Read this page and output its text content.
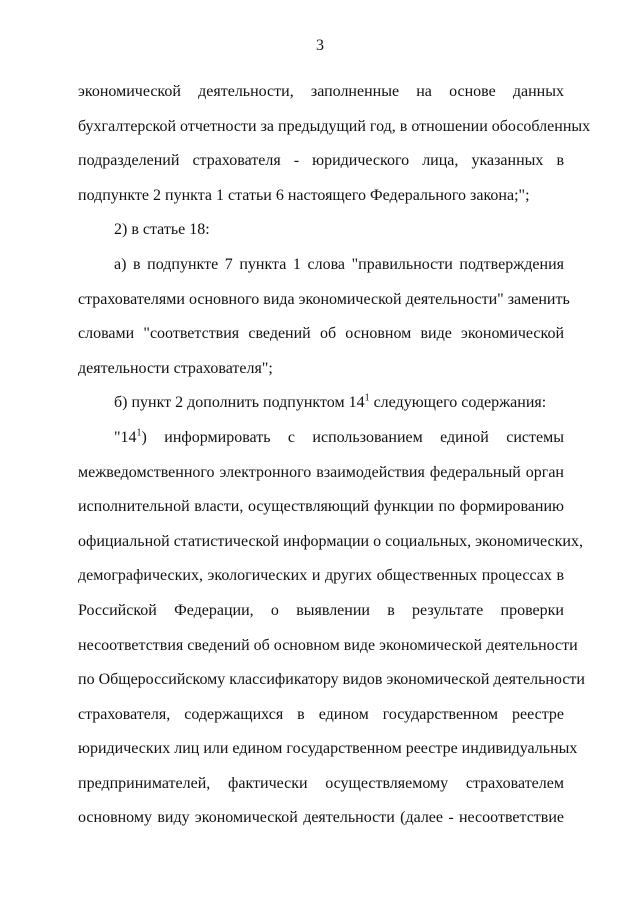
3
экономической деятельности, заполненные на основе данных
бухгалтерской отчетности за предыдущий год, в отношении обособленных
подразделений страхователя - юридического лица, указанных в
подпункте 2 пункта 1 статьи 6 настоящего Федерального закона;";
2) в статье 18:
а) в подпункте 7 пункта 1 слова "правильности подтверждения
страхователями основного вида экономической деятельности" заменить
словами "соответствия сведений об основном виде экономической
деятельности страхователя";
б) пункт 2 дополнить подпунктом $14^1$ следующего содержания:
"$14^1$) информировать с использованием единой системы
межведомственного электронного взаимодействия федеральный орган
исполнительной власти, осуществляющий функции по формированию
официальной статистической информации о социальных, экономических,
демографических, экологических и других общественных процессах в
Российской Федерации, о выявлении в результате проверки
несоответствия сведений об основном виде экономической деятельности
по Общероссийскому классификатору видов экономической деятельности
страхователя, содержащихся в едином государственном реестре
юридических лиц или едином государственном реестре индивидуальных
предпринимателей, фактически осуществляемому страхователем
основному виду экономической деятельности (далее - несоответствие
